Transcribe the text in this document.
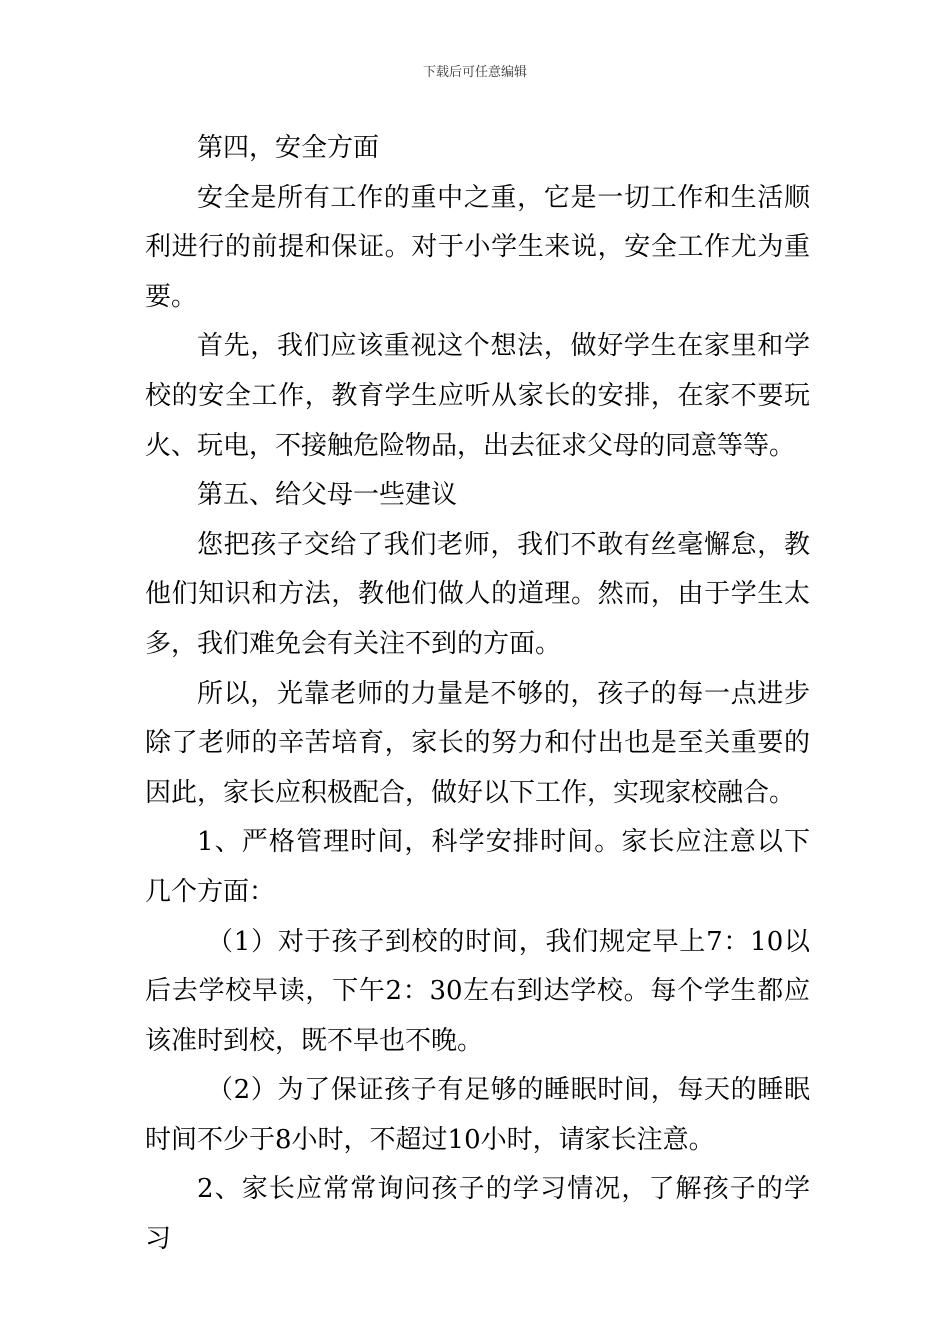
下载后可任意编辑

第四，安全方面

安全是所有工作的重中之重，它是一切工作和生活顺利进行的前提和保证。对于小学生来说，安全工作尤为重要。

首先，我们应该重视这个想法，做好学生在家里和学校的安全工作，教育学生应听从家长的安排，在家不要玩火、玩电，不接触危险物品，出去征求父母的同意等等。

第五、给父母一些建议

您把孩子交给了我们老师，我们不敢有丝毫懈怠，教他们知识和方法，教他们做人的道理。然而，由于学生太多，我们难免会有关注不到的方面。

所以，光靠老师的力量是不够的，孩子的每一点进步除了老师的辛苦培育，家长的努力和付出也是至关重要的因此，家长应积极配合，做好以下工作，实现家校融合。

1、严格管理时间，科学安排时间。家长应注意以下几个方面：

（1）对于孩子到校的时间，我们规定早上7：10以后去学校早读，下午2：30左右到达学校。每个学生都应该准时到校，既不早也不晚。

（2）为了保证孩子有足够的睡眠时间，每天的睡眠时间不少于8小时，不超过10小时，请家长注意。

2、家长应常常询问孩子的学习情况，了解孩子的学习
